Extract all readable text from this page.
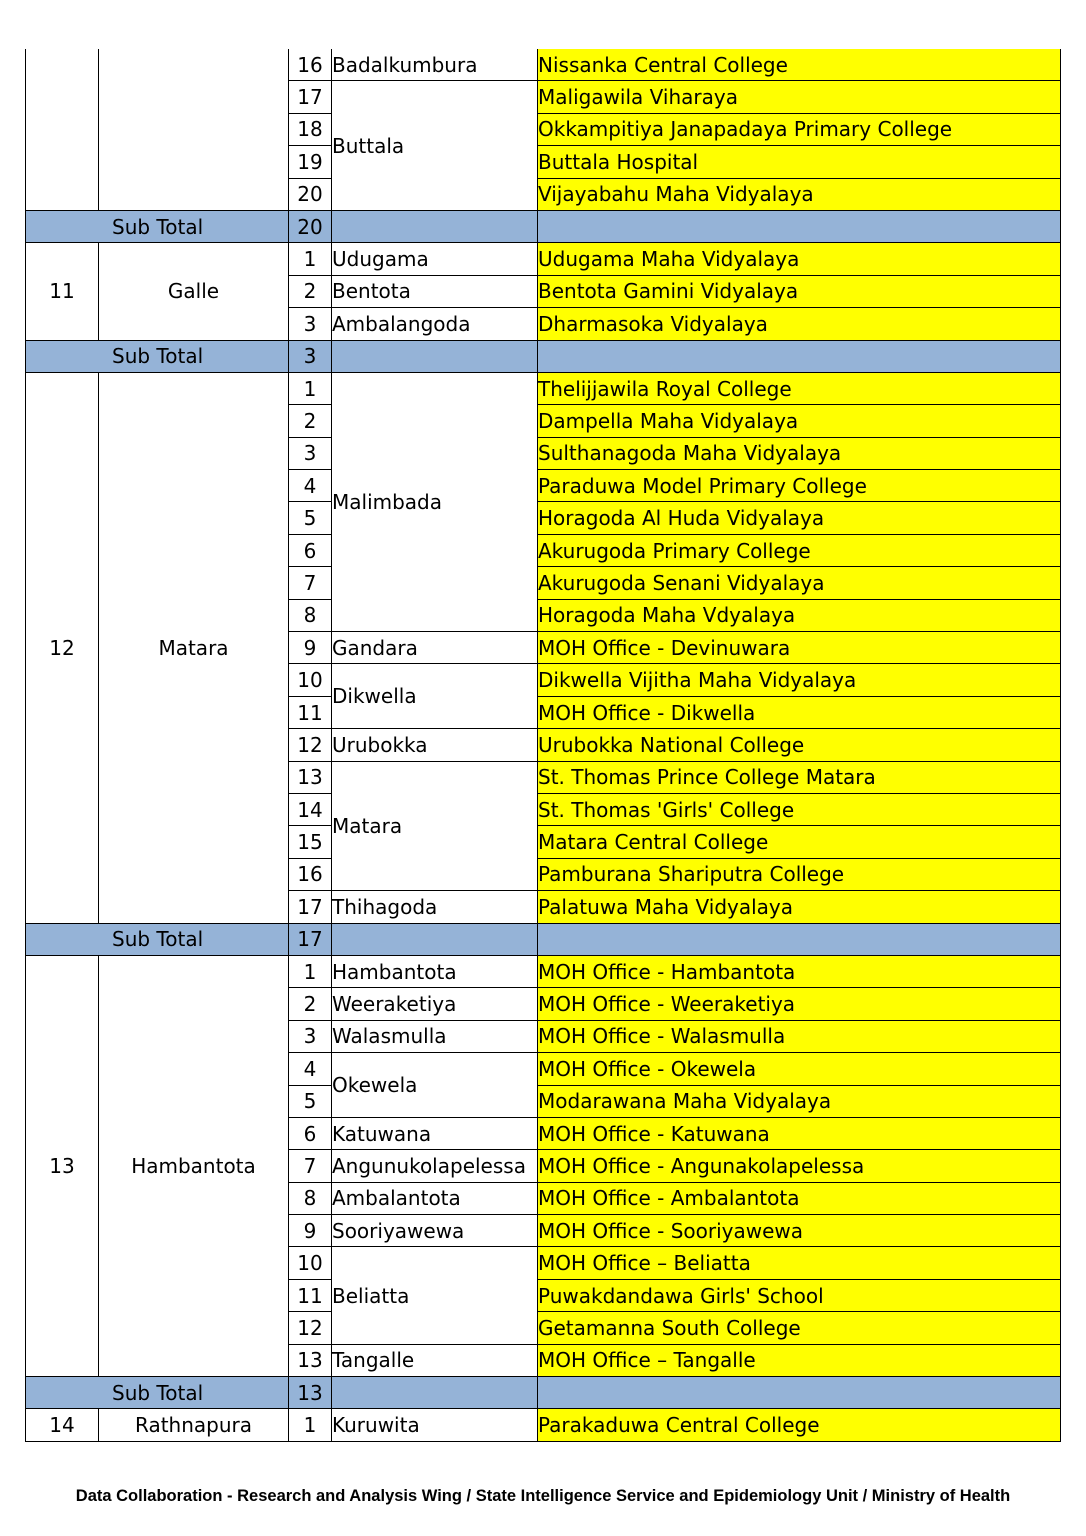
		16	Badalkumbura	Nissanka Central College
		17	Buttala	Maligawila Viharaya
		18		Okkampitiya Janapadaya Primary College
		19		Buttala Hospital
		20		Vijayabahu Maha Vidyalaya
Sub Total		20		
11	Galle	1	Udugama	Udugama Maha Vidyalaya
		2	Bentota	Bentota Gamini Vidyalaya
		3	Ambalangoda	Dharmasoka Vidyalaya
Sub Total		3		
12	Matara	1	Malimbada	Thelijjawila Royal College
		2		Dampella Maha Vidyalaya
		3		Sulthanagoda Maha Vidyalaya
		4		Paraduwa Model Primary College
		5		Horagoda Al Huda Vidyalaya
		6		Akurugoda Primary College
		7		Akurugoda Senani Vidyalaya
		8		Horagoda Maha Vdyalaya
		9	Gandara	MOH Office - Devinuwara
		10	Dikwella	Dikwella Vijitha Maha Vidyalaya
		11		MOH Office - Dikwella
		12	Urubokka	Urubokka National College
		13	Matara	St. Thomas Prince College Matara
		14		St. Thomas 'Girls' College
		15		Matara Central College
		16		Pamburana Shariputra College
		17	Thihagoda	Palatuwa Maha Vidyalaya
Sub Total		17		
13	Hambantota	1	Hambantota	MOH Office - Hambantota
		2	Weeraketiya	MOH Office - Weeraketiya
		3	Walasmulla	MOH Office - Walasmulla
		4	Okewela	MOH Office - Okewela
		5		Modarawana Maha Vidyalaya
		6	Katuwana	MOH Office - Katuwana
		7	Angunukolapelessa	MOH Office - Angunakolapelessa
		8	Ambalantota	MOH Office - Ambalantota
		9	Sooriyawewa	MOH Office - Sooriyawewa
		10	Beliatta	MOH Office – Beliatta
		11		Puwakdandawa Girls' School
		12		Getamanna South College
		13	Tangalle	MOH Office – Tangalle
Sub Total		13		
14	Rathnapura	1	Kuruwita	Parakaduwa Central College
Data Collaboration - Research and Analysis Wing / State Intelligence Service and Epidemiology Unit / Ministry of Health
